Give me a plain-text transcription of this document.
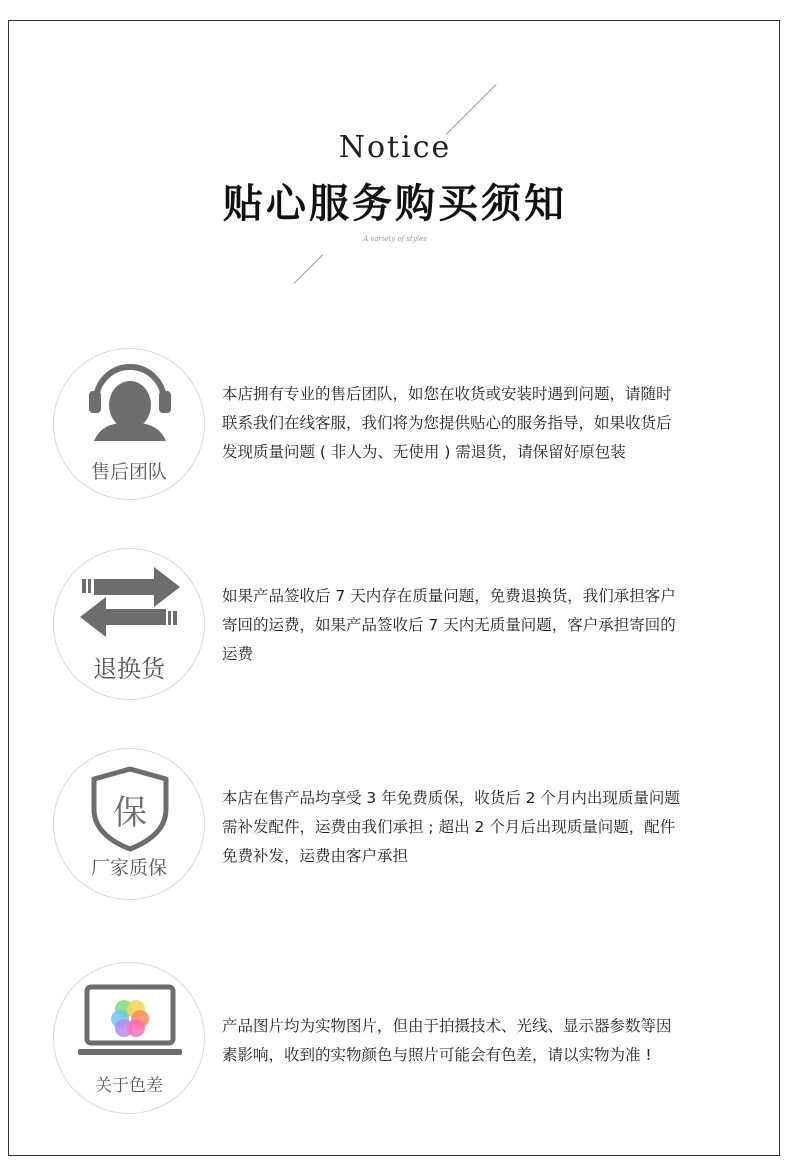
Notice
贴心服务购买须知
A variety of styles
售后团队
本店拥有专业的售后团队，如您在收货或安装时遇到问题，请随时
联系我们在线客服，我们将为您提供贴心的服务指导，如果收货后
发现质量问题 ( 非人为、无使用 ) 需退货，请保留好原包装
退换货
如果产品签收后 7 天内存在质量问题，免费退换货，我们承担客户
寄回的运费，如果产品签收后 7 天内无质量问题，客户承担寄回的
运费
保
厂家质保
本店在售产品均享受 3 年免费质保，收货后 2 个月内出现质量问题
需补发配件，运费由我们承担 ; 超出 2 个月后出现质量问题，配件
免费补发，运费由客户承担
关于色差
产品图片均为实物图片，但由于拍摄技术、光线、显示器参数等因
素影响，收到的实物颜色与照片可能会有色差，请以实物为准 !
